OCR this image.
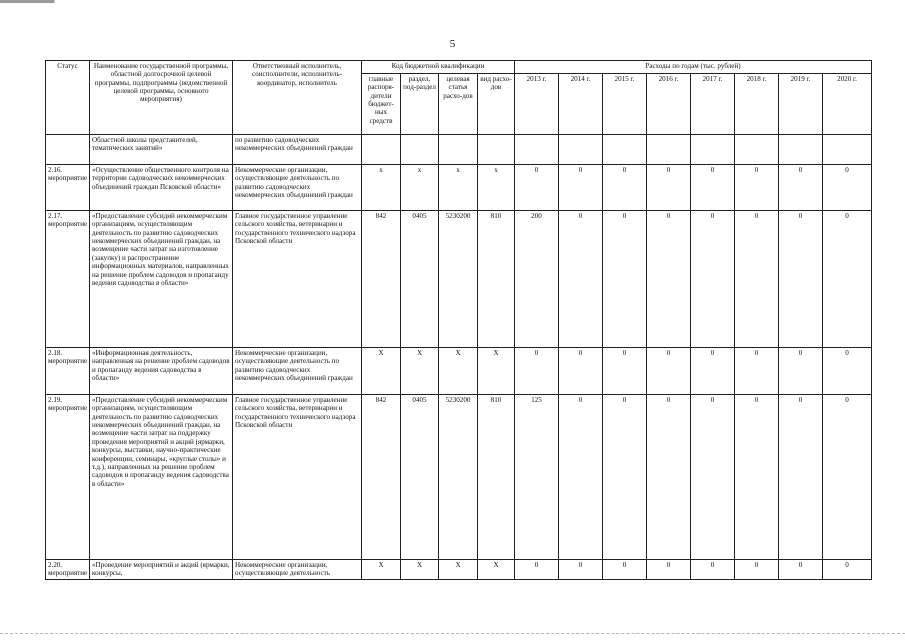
5
Статус	Наименование государственной программы, областной долгосрочной целевой программы, подпрограммы (ведомственной целевой программы, основного мероприятия)	Ответственный исполнитель, соисполнители, исполнитель-координатор, исполнитель	Код бюджетной квалификации				Расходы по годам (тыс. рублей)							
			главные распоря-дители бюджет-ных средств	раздел, под-раздел	целевая статья расхо-дов	вид расхо-дов	2013 г.	2014 г.	2015 г.	2016 г.	2017 г.	2018 г.	2019 г.	2020 г.
	Областной школы представителей, тематических занятий»	по развитию садоводческих некоммерческих объединений граждан												
2.16. мероприятие	«Осуществление общественного контроля на территории садоводческих некоммерческих объединений граждан Псковской области»	Некоммерческие организации, осуществляющие деятельность по развитию садоводческих некоммерческих объединений граждан	х	х	х	х	0	0	0	0	0	0	0	0
2.17. мероприятие	«Предоставление субсидий некоммерческим организациям, осуществляющим деятельность по развитию садоводческих некоммерческих объединений граждан, на возмещение части затрат на изготовление (закупку) и распространение информационных материалов, направленных на решение проблем садоводов и пропаганду ведения садоводства в области»	Главное государственное управление сельского хозяйства, ветеринарии и государственного технического надзора Псковской области	842	0405	5230200	810	200	0	0	0	0	0	0	0
2.18. мероприятие	«Информационная деятельность, направленная на решение проблем садоводов и пропаганду ведения садоводства в области»	Некоммерческие организации, осуществляющие деятельность по развитию садоводческих некоммерческих объединений граждан	Х	Х	Х	Х	0	0	0	0	0	0	0	0
2.19. мероприятие	«Предоставление субсидий некоммерческим организациям, осуществляющим деятельность по развитию садоводческих некоммерческих объединений граждан, на возмещение части затрат на поддержку проведения мероприятий и акций (ярмарки, конкурсы, выставки, научно-практические конференции, семинары, «круглые столы» и т.д.), направленных на решение проблем садоводов и пропаганду ведения садоводства в области»	Главное государственное управление сельского хозяйства, ветеринарии и государственного технического надзора Псковской области	842	0405	5230200	810	125	0	0	0	0	0	0	0
2.20. мероприятие	«Проведение мероприятий и акций (ярмарки, конкурсы,	Некоммерческие организации, осуществляющие деятельность	Х	Х	Х	Х	0	0	0	0	0	0	0	0
